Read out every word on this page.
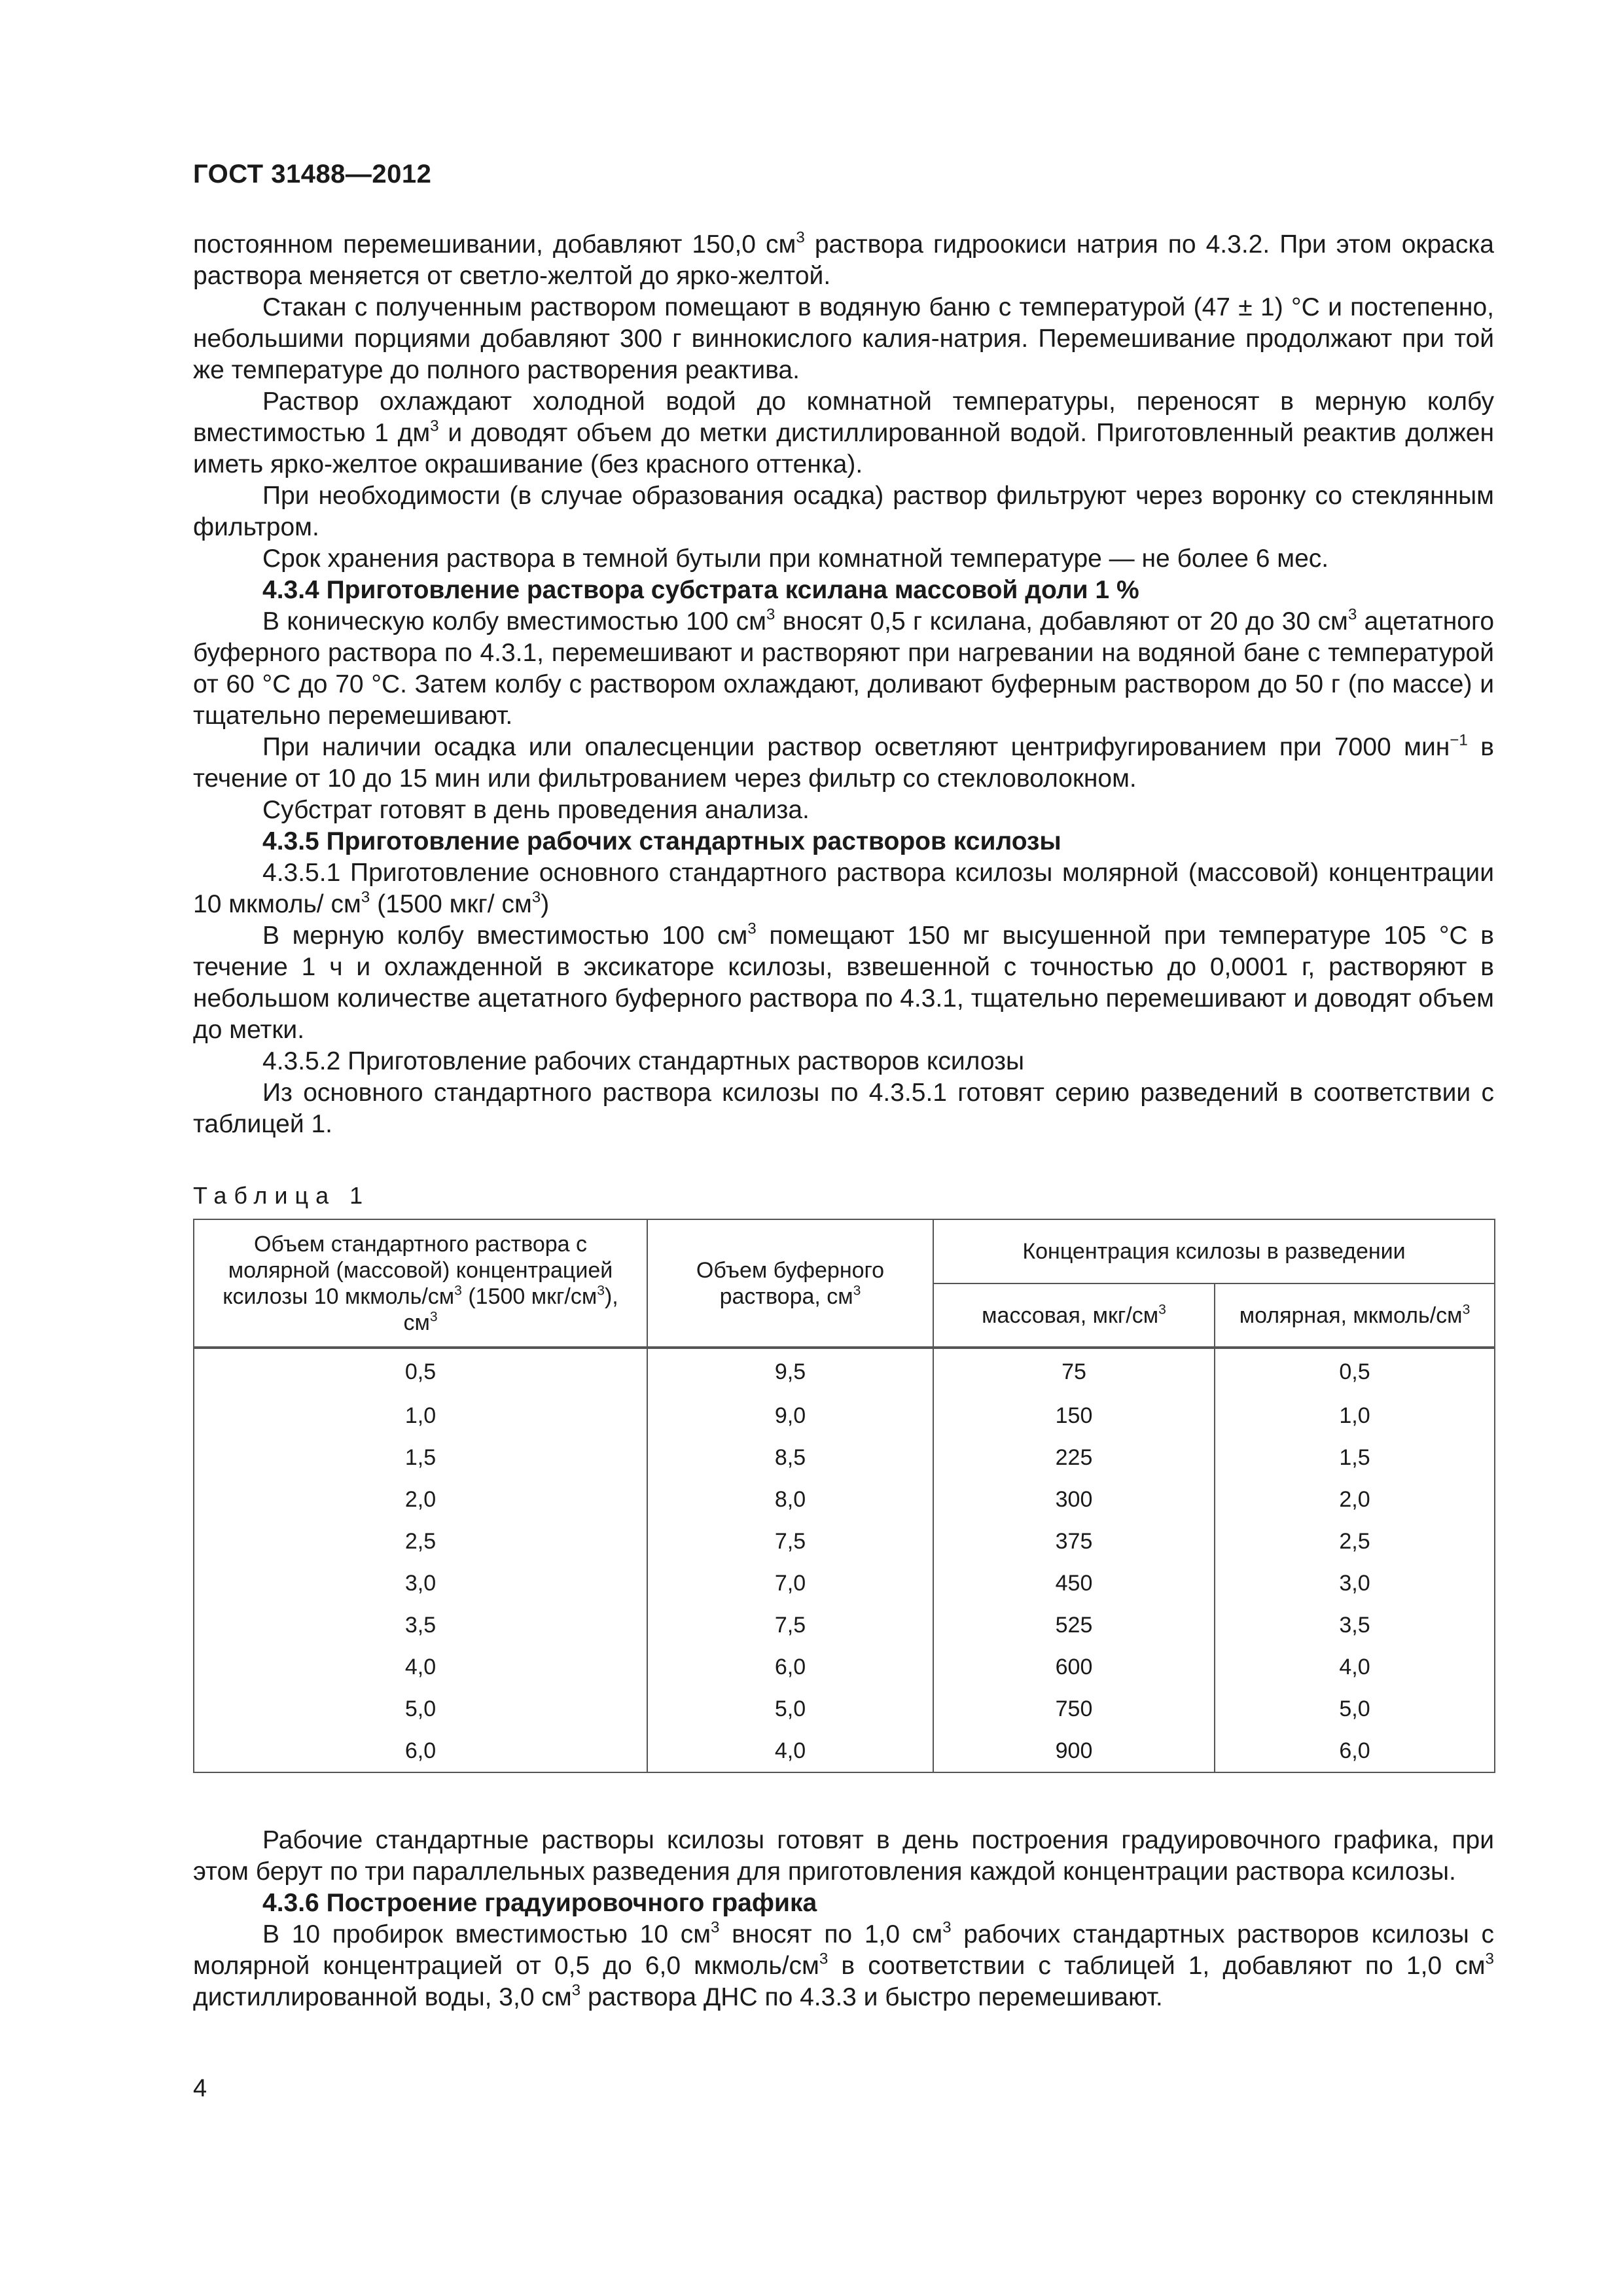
ГОСТ 31488—2012

постоянном перемешивании, добавляют 150,0 $см^3$ раствора гидроокиси натрия по 4.3.2. При этом окраска раствора меняется от светло-желтой до ярко-желтой.

Стакан с полученным раствором помещают в водяную баню с температурой (47 ± 1) °C и постепенно, небольшими порциями добавляют 300 г виннокислого калия-натрия. Перемешивание продолжают при той же температуре до полного растворения реактива.

Раствор охлаждают холодной водой до комнатной температуры, переносят в мерную колбу вместимостью 1 $дм^3$ и доводят объем до метки дистиллированной водой. Приготовленный реактив должен иметь ярко-желтое окрашивание (без красного оттенка).

При необходимости (в случае образования осадка) раствор фильтруют через воронку со стеклянным фильтром.

Срок хранения раствора в темной бутыли при комнатной температуре — не более 6 мес.

4.3.4 Приготовление раствора субстрата ксилана массовой доли 1 %

В коническую колбу вместимостью 100 $см^3$ вносят 0,5 г ксилана, добавляют от 20 до 30 $см^3$ ацетатного буферного раствора по 4.3.1, перемешивают и растворяют при нагревании на водяной бане с температурой от 60 °C до 70 °C. Затем колбу с раствором охлаждают, доливают буферным раствором до 50 г (по массе) и тщательно перемешивают.

При наличии осадка или опалесценции раствор осветляют центрифугированием при 7000 мин$^{-1}$ в течение от 10 до 15 мин или фильтрованием через фильтр со стекловолокном.

Субстрат готовят в день проведения анализа.

4.3.5 Приготовление рабочих стандартных растворов ксилозы

4.3.5.1 Приготовление основного стандартного раствора ксилозы молярной (массовой) концентрации 10 мкмоль/ $см^3$ (1500 мкг/ $см^3$)

В мерную колбу вместимостью 100 $см^3$ помещают 150 мг высушенной при температуре 105 °C в течение 1 ч и охлажденной в эксикаторе ксилозы, взвешенной с точностью до 0,0001 г, растворяют в небольшом количестве ацетатного буферного раствора по 4.3.1, тщательно перемешивают и доводят объем до метки.

4.3.5.2 Приготовление рабочих стандартных растворов ксилозы

Из основного стандартного раствора ксилозы по 4.3.5.1 готовят серию разведений в соответствии с таблицей 1.

Таблица 1
Объем стандартного раствора с молярной (массовой) концентрацией ксилозы 10 мкмоль/$см^3$ (1500 мкг/$см^3$), $см^3$	Объем буферного раствора, $см^3$	Концентрация ксилозы в разведении	
		массовая, мкг/$см^3$	молярная, мкмоль/$см^3$
0,5	9,5	75	0,5
1,0	9,0	150	1,0
1,5	8,5	225	1,5
2,0	8,0	300	2,0
2,5	7,5	375	2,5
3,0	7,0	450	3,0
3,5	7,5	525	3,5
4,0	6,0	600	4,0
5,0	5,0	750	5,0
6,0	4,0	900	6,0

Рабочие стандартные растворы ксилозы готовят в день построения градуировочного графика, при этом берут по три параллельных разведения для приготовления каждой концентрации раствора ксилозы.

4.3.6 Построение градуировочного графика

В 10 пробирок вместимостью 10 $см^3$ вносят по 1,0 $см^3$ рабочих стандартных растворов ксилозы с молярной концентрацией от 0,5 до 6,0 мкмоль/$см^3$ в соответствии с таблицей 1, добавляют по 1,0 $см^3$ дистиллированной воды, 3,0 $см^3$ раствора ДНС по 4.3.3 и быстро перемешивают.

4
